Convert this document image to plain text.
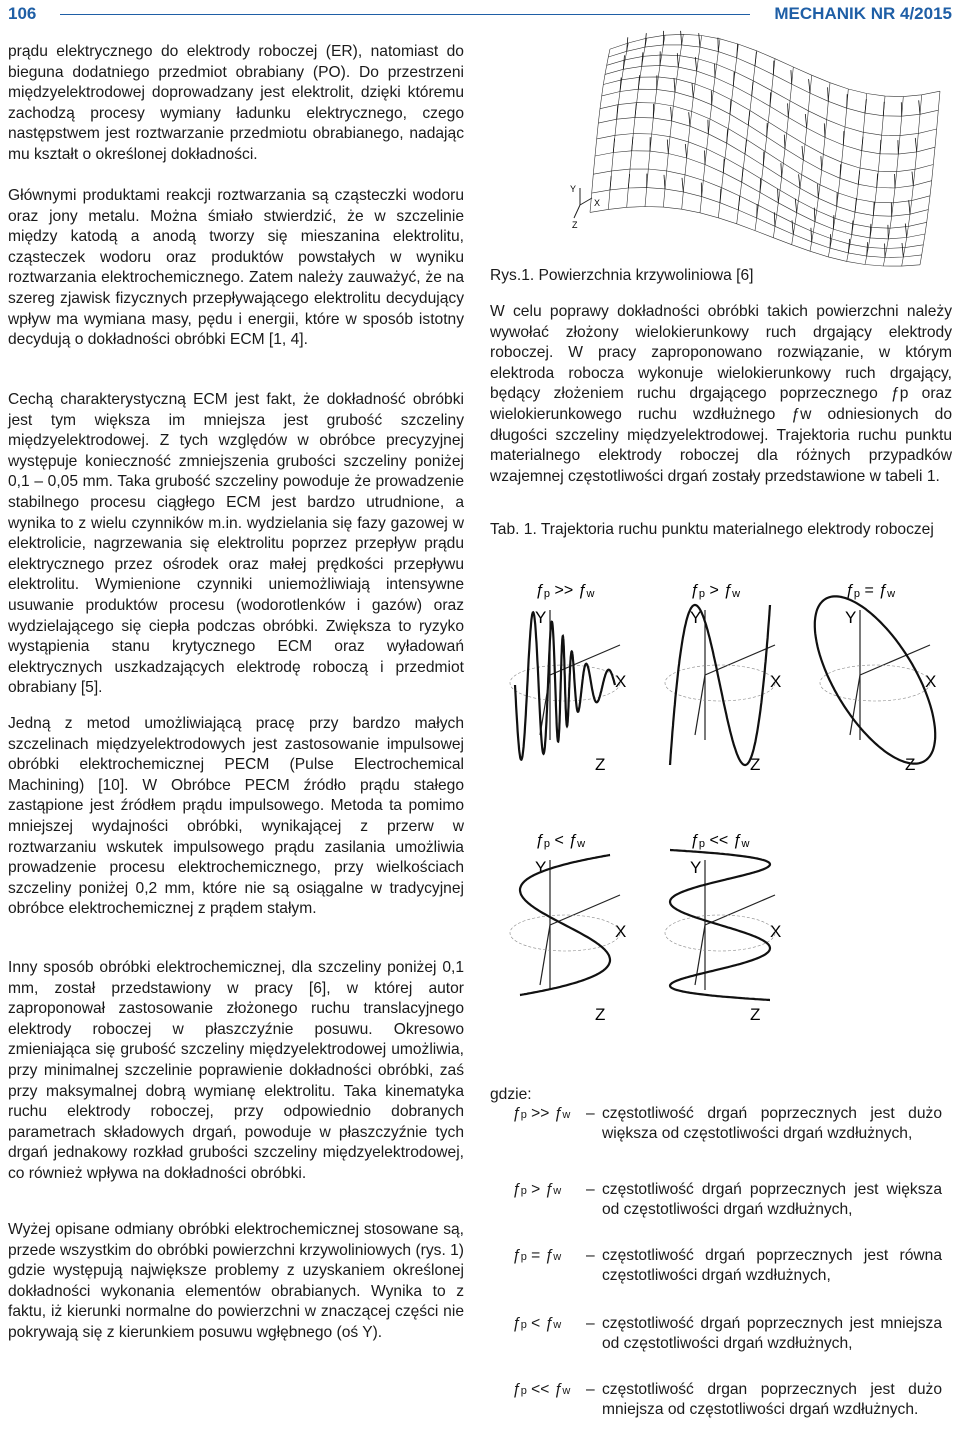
106	MECHANIK NR 4/2015

prądu elektrycznego do elektrody roboczej (ER), natomiast do bieguna dodatniego przedmiot obrabiany (PO). Do przestrzeni międzyelektrodowej doprowadzany jest elektrolit, dzięki któremu zachodzą procesy wymiany ładunku elektrycznego, czego następstwem jest roztwarzanie przedmiotu obrabianego, nadając mu kształt o określonej dokładności.

Głównymi produktami reakcji roztwarzania są cząsteczki wodoru oraz jony metalu. Można śmiało stwierdzić, że w szczelinie między katodą a anodą tworzy się mieszanina elektrolitu, cząsteczek wodoru oraz produktów powstałych w wyniku roztwarzania elektrochemicznego. Zatem należy zauważyć, że na szereg zjawisk fizycznych przepływającego elektrolitu decydujący wpływ ma wymiana masy, pędu i energii, które w sposób istotny decydują o dokładności obróbki ECM [1, 4].

Cechą charakterystyczną ECM jest fakt, że dokładność obróbki jest tym większa im mniejsza jest grubość szczeliny międzyelektrodowej. Z tych względów w obróbce precyzyjnej występuje konieczność zmniejszenia grubości szczeliny poniżej 0,1 – 0,05 mm. Taka grubość szczeliny powoduje że prowadzenie stabilnego procesu ciągłego ECM jest bardzo utrudnione, a wynika to z wielu czynników m.in. wydzielania się fazy gazowej w elektrolicie, nagrzewania się elektrolitu poprzez przepływ prądu elektrycznego przez ośrodek oraz małej prędkości przepływu elektrolitu. Wymienione czynniki uniemożliwiają intensywne usuwanie produktów procesu (wodorotlenków i gazów) oraz wydzielającego się ciepła podczas obróbki. Zwiększa to ryzyko wystąpienia stanu krytycznego ECM oraz wyładowań elektrycznych uszkadzających elektrodę roboczą i przedmiot obrabiany [5].

Jedną z metod umożliwiającą pracę przy bardzo małych szczelinach międzyelektrodowych jest zastosowanie impulsowej obróbki elektrochemicznej PECM (Pulse Electrochemical Machining) [10]. W Obróbce PECM źródło prądu stałego zastąpione jest źródłem prądu impulsowego. Metoda ta pomimo mniejszej wydajności obróbki, wynikającej z przerw w roztwarzaniu wskutek impulsowego prądu zasilania umożliwia prowadzenie procesu elektrochemicznego, przy wielkościach szczeliny poniżej 0,2 mm, które nie są osiągalne w tradycyjnej obróbce elektrochemicznej z prądem stałym.

Inny sposób obróbki elektrochemicznej, dla szczeliny poniżej 0,1 mm, został przedstawiony w pracy [6], w której autor zaproponował zastosowanie złożonego ruchu translacyjnego elektrody roboczej w płaszczyźnie posuwu. Okresowo zmieniająca się grubość szczeliny międzyelektrodowej umożliwia, przy minimalnej szczelinie poprawienie dokładności obróbki, zaś przy maksymalnej dobrą wymianę elektrolitu. Taka kinematyka ruchu elektrody roboczej, przy odpowiednio dobranych parametrach składowych drgań, powoduje w płaszczyźnie tych drgań jednakowy rozkład grubości szczeliny międzyelektrodowej, co również wpływa na dokładności obróbki.

Wyżej opisane odmiany obróbki elektrochemicznej stosowane są, przede wszystkim do obróbki powierzchni krzywoliniowych (rys. 1) gdzie występują największe problemy z uzyskaniem określonej dokładności wykonania elementów obrabianych. Wynika to z faktu, iż kierunki normalne do powierzchni w znaczącej części nie pokrywają się z kierunkiem posuwu wgłębnego (oś Y).

Y
X
Z
Rys.1. Powierzchnia krzywoliniowa [6]

W celu poprawy dokładności obróbki takich powierzchni należy wywołać złożony wielokierunkowy ruch drgający elektrody roboczej. W pracy zaproponowano rozwiązanie, w którym elektroda robocza wykonuje wielokierunkowy ruch drgający, będący złożeniem ruchu drgającego poprzecznego ƒp oraz wielokierunkowego ruchu wzdłużnego ƒw odniesionych do długości szczeliny międzyelektrodowej. Trajektoria ruchu punktu materialnego elektrody roboczej dla różnych przypadków wzajemnej częstotliwości drgań zostały przedstawione w tabeli 1.

Tab. 1. Trajektoria ruchu punktu materialnego elektrody roboczej

ƒp >> ƒw
Y
X
Z
ƒp > ƒw
Y
X
Z
ƒp = ƒw
Y
X
Z
ƒp < ƒw
Y
X
Z
ƒp << ƒw
Y
X
Z
gdzie:
ƒp >> ƒw	– częstotliwość drgań poprzecznych jest dużo większa od częstotliwości drgań wzdłużnych,
ƒp > ƒw	– częstotliwość drgań poprzecznych jest większa od częstotliwości drgań wzdłużnych,
ƒp = ƒw	– częstotliwość drgań poprzecznych jest równa częstotliwości drgań wzdłużnych,
ƒp < ƒw	– częstotliwość drgań poprzecznych jest mniejsza od częstotliwości drgań wzdłużnych,
ƒp << ƒw	– częstotliwość drgan poprzecznych jest dużo mniejsza od częstotliwości drgań wzdłużnych.
